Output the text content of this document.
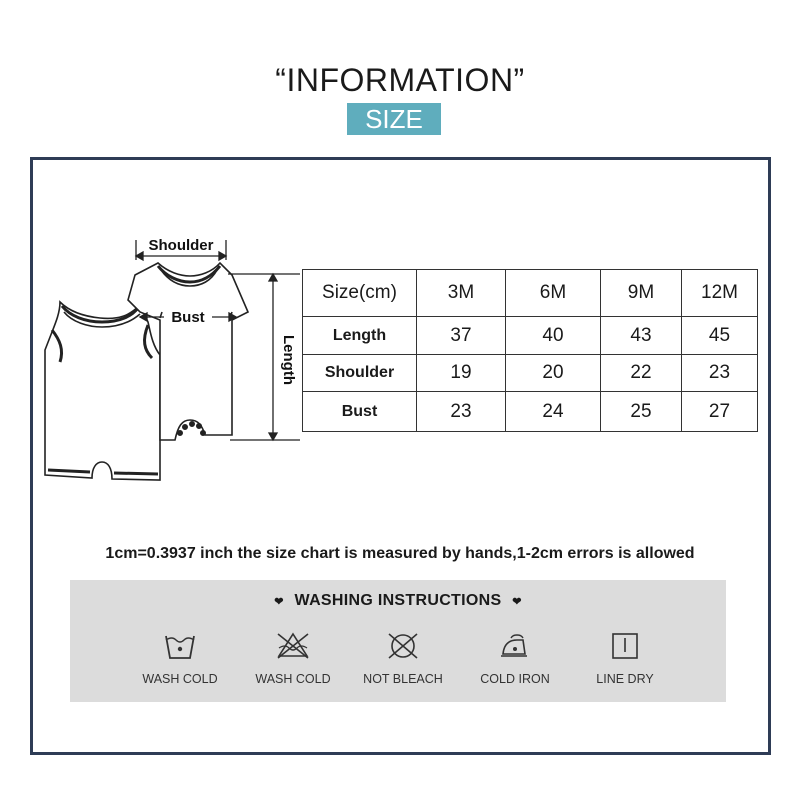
“INFORMATION”
SIZE
Shoulder
Bust
Length
Size(cm)	3M	6M	9M	12M
Length	37	40	43	45
Shoulder	19	20	22	23
Bust	23	24	25	27
1cm=0.3937 inch the size chart is measured by hands,1-2cm errors is allowed
❤ WASHING INSTRUCTIONS ❤
WASH COLD	WASH COLD	NOT BLEACH	COLD IRON	LINE DRY
